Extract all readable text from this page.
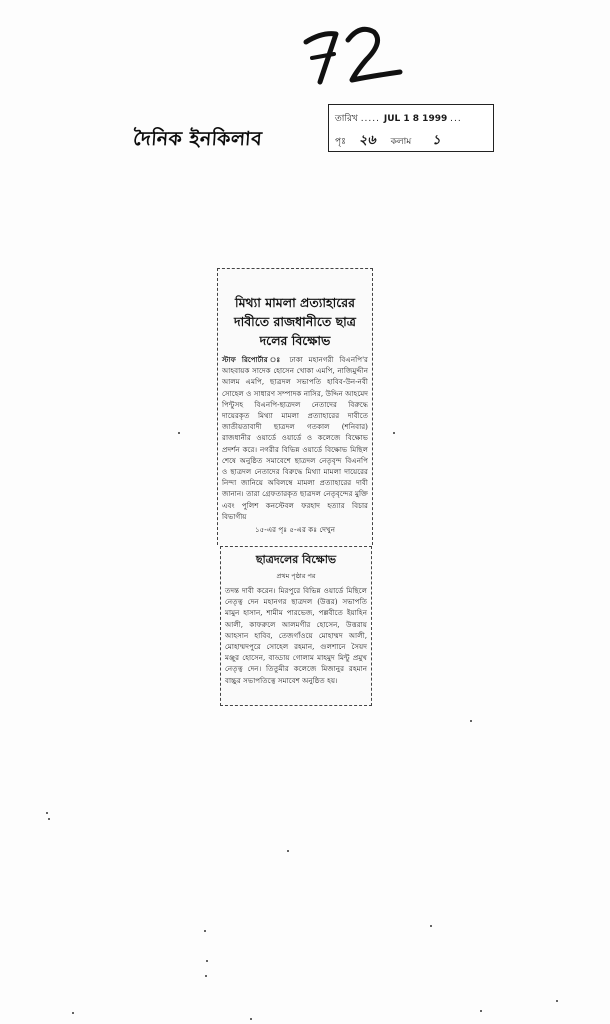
দৈনিক ইনকিলাব
তারিখ ..... JUL 1 8 1999 ...
পৃঃ ২৬ কলাম ১
মিথ্যা মামলা প্রত্যাহারের
দাবীতে রাজধানীতে ছাত্র
দলের বিক্ষোভ
স্টাফ রিপোর্টার ঃ ঢাকা মহানগরী বিএনপি'র আহবায়ক সাদেক হোসেন খোকা এমপি, নাজিমুদ্দীন আলম এমপি, ছাত্রদল সভাপতি হাবিব-উন-নবী সোহেল ও সাধারণ সম্পাদক নাসির, উদ্দিন আহমেদ পিন্টুসহ বিএনপি-ছাত্রদল নেতাদের বিরুদ্ধে দায়েরকৃত মিথ্যা মামলা প্রত্যাহারের দাবীতে জাতীয়তাবাদী ছাত্রদল গতকাল (শনিবার) রাজধানীর ওয়ার্ডে ওয়ার্ডে ও কলেজে বিক্ষোভ প্রদর্শন করে। নগরীর বিভিন্ন ওয়ার্ডে বিক্ষোভ মিছিল শেষে অনুষ্ঠিত সমাবেশে ছাত্রদল নেতৃবৃন্দ বিএনপি ও ছাত্রদল নেতাদের বিরুদ্ধে মিথ্যা মামলা দায়েরের নিন্দা জানিয়ে অবিলম্বে মামলা প্রত্যাহারের দাবী জানান। তারা গ্রেফতারকৃত ছাত্রদল নেতৃবৃন্দের মুক্তি এবং পুলিশ কনস্টেবল ফরহাদ হত্যার বিচার বিভাগীয়
১৫-এর পৃঃ ৫-এর কঃ দেখুন
ছাত্রদলের বিক্ষোভ
প্রথম পৃষ্ঠার পর
তদন্ত দাবী করেন। মিরপুরে বিভিন্ন ওয়ার্ডে মিছিলে নেতৃত্ব দেন মহানগর ছাত্রদল (উত্তর) সভাপতি মামুন হাসান, শামীম পারভেজ, পল্লবীতে ইয়াহিন আলী, কাফরুলে আলমগীর হোসেন, উত্তরায় আহসান হাবিব, তেজগাঁওয়ে মোহাম্মদ আলী, মোহাম্মদপুরে সোহেল রহমান, গুলশানে সৈয়দ মঞ্জুর হোসেন, বাড্ডায় গোলাম মাহমুদ মিন্টু প্রমুখ নেতৃত্ব দেন। তিতুমীর কলেজে মিজানুর রহমান বাচ্চুর সভাপতিত্বে সমাবেশ অনুষ্ঠিত হয়।
